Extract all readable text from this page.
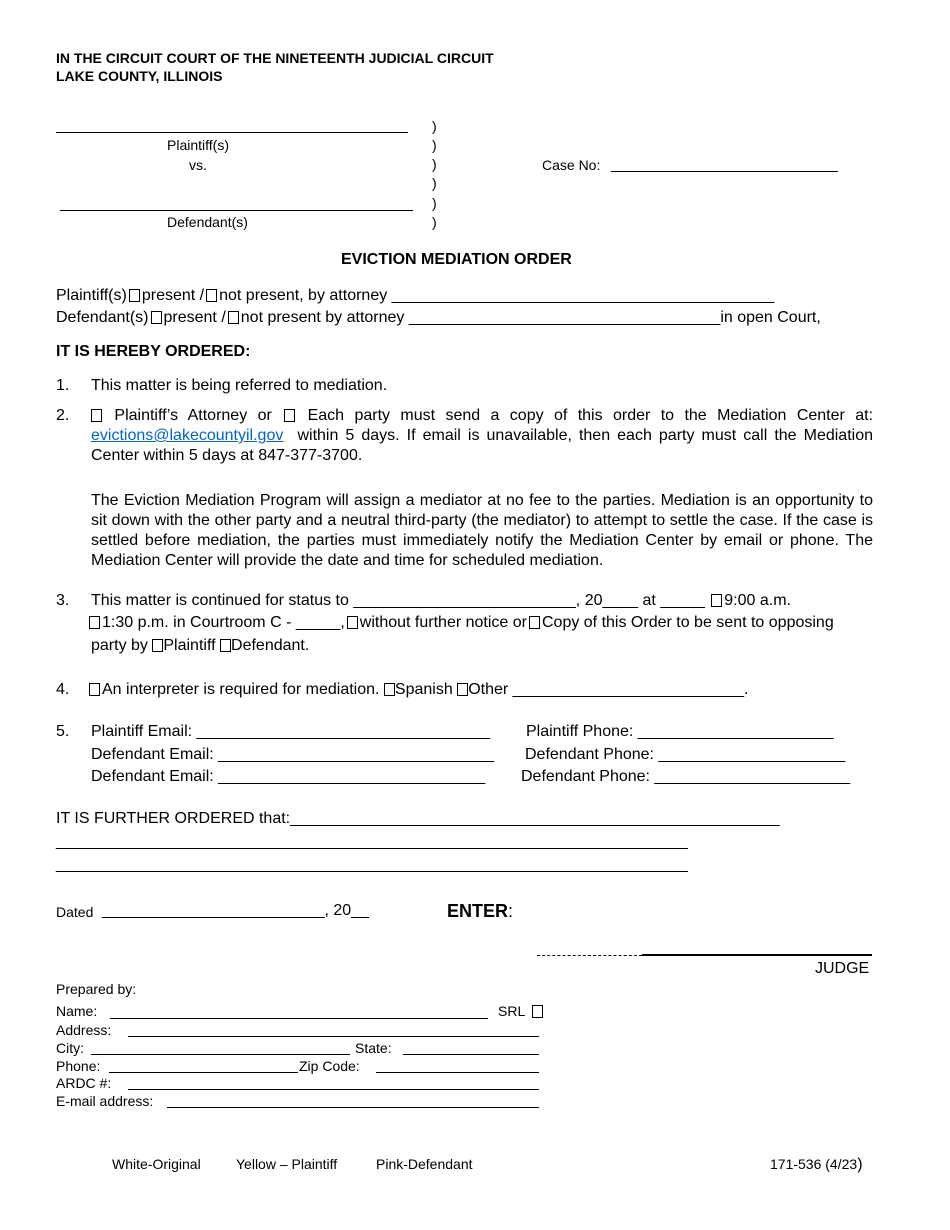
IN THE CIRCUIT COURT OF THE NINETEENTH JUDICIAL CIRCUIT
LAKE COUNTY, ILLINOIS
Plaintiff(s)
vs.
Defendant(s)
)
)
)
)
)
)
Case No:
EVICTION MEDIATION ORDER
Plaintiff(s) present / not present, by attorney ___________________________________________
Defendant(s) present / not present by attorney ___________________________________in open Court,
IT IS HEREBY ORDERED:
1. This matter is being referred to mediation.
2.	Plaintiff’s Attorney or Each party must send a copy of this order to the Mediation Center at: evictions@lakecountyil.gov within 5 days. If email is unavailable, then each party must call the Mediation Center within 5 days at 847-377-3700.
The Eviction Mediation Program will assign a mediator at no fee to the parties. Mediation is an opportunity to sit down with the other party and a neutral third-party (the mediator) to attempt to settle the case. If the case is settled before mediation, the parties must immediately notify the Mediation Center by email or phone. The Mediation Center will provide the date and time for scheduled mediation.
3. This matter is continued for status to _________________________, 20____ at _____ 9:00 a.m.
1:30 p.m. in Courtroom C - _____, without further notice or Copy of this Order to be sent to opposing
party by Plaintiff Defendant.
4.	An interpreter is required for mediation. Spanish Other __________________________.
5. Plaintiff Email: _________________________________ Plaintiff Phone: ______________________
Defendant Email: _______________________________ Defendant Phone: _____________________
Defendant Email: ______________________________ Defendant Phone: ______________________
IT IS FURTHER ORDERED that:_______________________________________________________
_______________________________________________________________________
_______________________________________________________________________
Dated _________________________, 20__	ENTER:
JUDGE
Prepared by:
Name:	SRL
Address:
City:	State:
Phone:	Zip Code:
ARDC #:
E-mail address:
White-Original	Yellow – Plaintiff	Pink-Defendant	171-536 (4/23)
